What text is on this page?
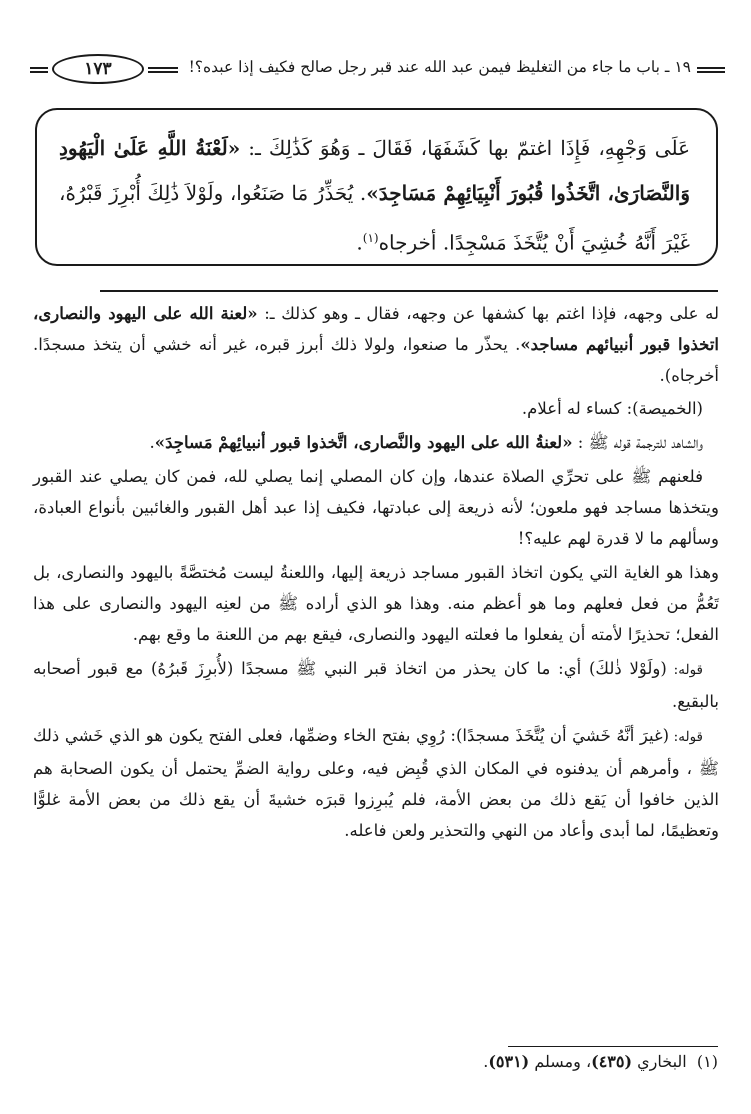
١٩ ـ باب ما جاء من التغليظ فيمن عبد الله عند قبر رجل صالح فكيف إذا عبده؟!
١٧٣
عَلَى وَجْهِهِ، فَإِذَا اغتمّ بها كَشَفَهَا، فَقَالَ ـ وَهُوَ كَذَٰلِكَ ـ: «لَعْنَةُ اللَّهِ عَلَىٰ الْيَهُودِ وَالنَّصَارَىٰ، اتَّخَذُوا قُبُورَ أَنْبِيَائِهِمْ مَسَاجِدَ». يُحَذِّرُ مَا صَنَعُوا، ولَوْلاَ ذَٰلِكَ أُبْرِزَ قَبْرُهُ، غَيْرَ أَنَّهُ خُشِيَ أَنْ يُتَّخَذَ مَسْجِدًا. أخرجاه$^{(١)}$.

له على وجهه، فإذا اغتم بها كشفها عن وجهه، فقال ـ وهو كذلك ـ: «لعنة الله على اليهود والنصارى، اتخذوا قبور أنبيائهم مساجد». يحذّر ما صنعوا، ولولا ذلك أبرز قبره، غير أنه خشي أن يتخذ مسجدًا. أخرجاه).

(الخميصة): كساء له أعلام.

والشاهد للترجمة قوله ﷺ : «لعنةُ الله على اليهود والنَّصارى، اتَّخذوا قبور أنبيائِهمْ مَساجِدَ».

فلعنهم ﷺ على تحرِّي الصلاة عندها، وإن كان المصلي إنما يصلي لله، فمن كان يصلي عند القبور ويتخذها مساجد فهو ملعون؛ لأنه ذريعة إلى عبادتها، فكيف إذا عبد أهل القبور والغائبين بأنواع العبادة، وسألهم ما لا قدرة لهم عليه؟!

وهذا هو الغاية التي يكون اتخاذ القبور مساجد ذريعة إليها، واللعنةُ ليست مُختصَّةً باليهود والنصارى، بل تَعُمُّ من فعل فعلهم وما هو أعظم منه. وهذا هو الذي أراده ﷺ من لعنِه اليهود والنصارى على هذا الفعل؛ تحذيرًا لأمته أن يفعلوا ما فعلته اليهود والنصارى، فيقع بهم من اللعنة ما وقع بهم.

قوله: (ولَوْلا ذٰلكَ) أي: ما كان يحذر من اتخاذ قبر النبي ﷺ مسجدًا (لأُبرِزَ قَبرُهُ) مع قبور أصحابه بالبقيع.

قوله: (غيرَ أنَّهُ خَشيَ أن يُتَّخَذَ مسجدًا): رُوِي بفتح الخاء وضمِّها، فعلى الفتح يكون هو الذي خَشي ذلك ﷺ ، وأمرهم أن يدفنوه في المكان الذي قُبِض فيه، وعلى رواية الضمِّ يحتمل أن يكون الصحابة هم الذين خافوا أن يَقع ذلك من بعض الأمة، فلم يُبرِزوا قبرَه خشيةَ أن يقع ذلك من بعض الأمة غلوًّا وتعظيمًا، لما أبدى وأعاد من النهي والتحذير ولعن فاعله.

(١)  البخاري (٤٣٥)، ومسلم (٥٣١).
